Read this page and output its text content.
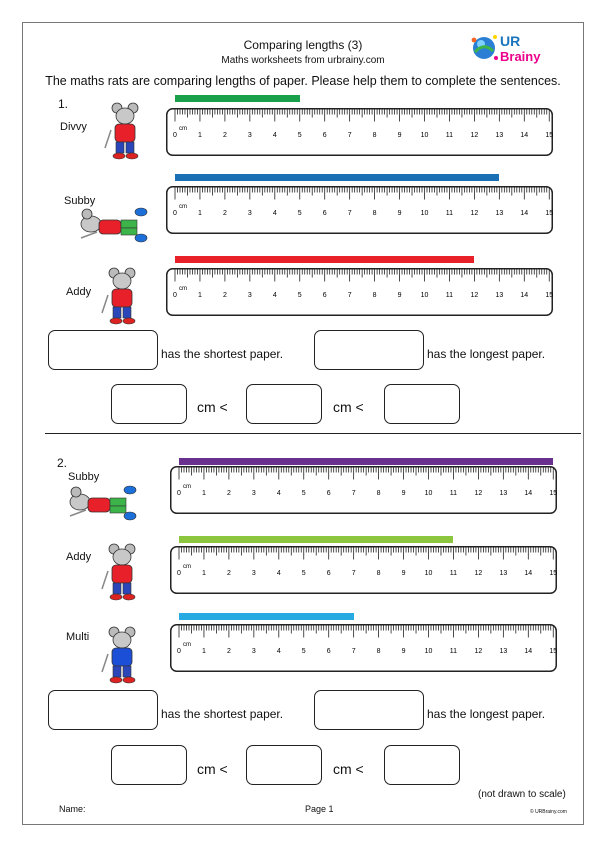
Comparing lengths (3)
Maths worksheets from urbrainy.com
UR
Brainy
The maths rats are comparing lengths of paper. Please help them to complete the sentences.
1.
Divvy	cm
0	1	2	3	4	5	6	7	8	9	10 11 12 13 14 15
Subby	cm
0	1	2	3	4	5	6	7	8	9	10 11 12 13 14 15
Addy	cm
0	1	2	3	4	5	6	7	8	9	10 11 12 13 14 15
has the shortest paper.	has the longest paper.
cm <	cm <
2.
Subby
cm
0	1	2	3	4	5	6	7	8	9	10 11 12 13 14 15
Addy
cm
0	1	2	3	4	5	6	7	8	9	10 11 12 13 14 15
Multi
cm
0	1	2	3	4	5	6	7	8	9	10 11 12 13 14 15
has the shortest paper.	has the longest paper.
cm <	cm <
Name:	Page 1
(not drawn to scale)
© URBrainy.com
